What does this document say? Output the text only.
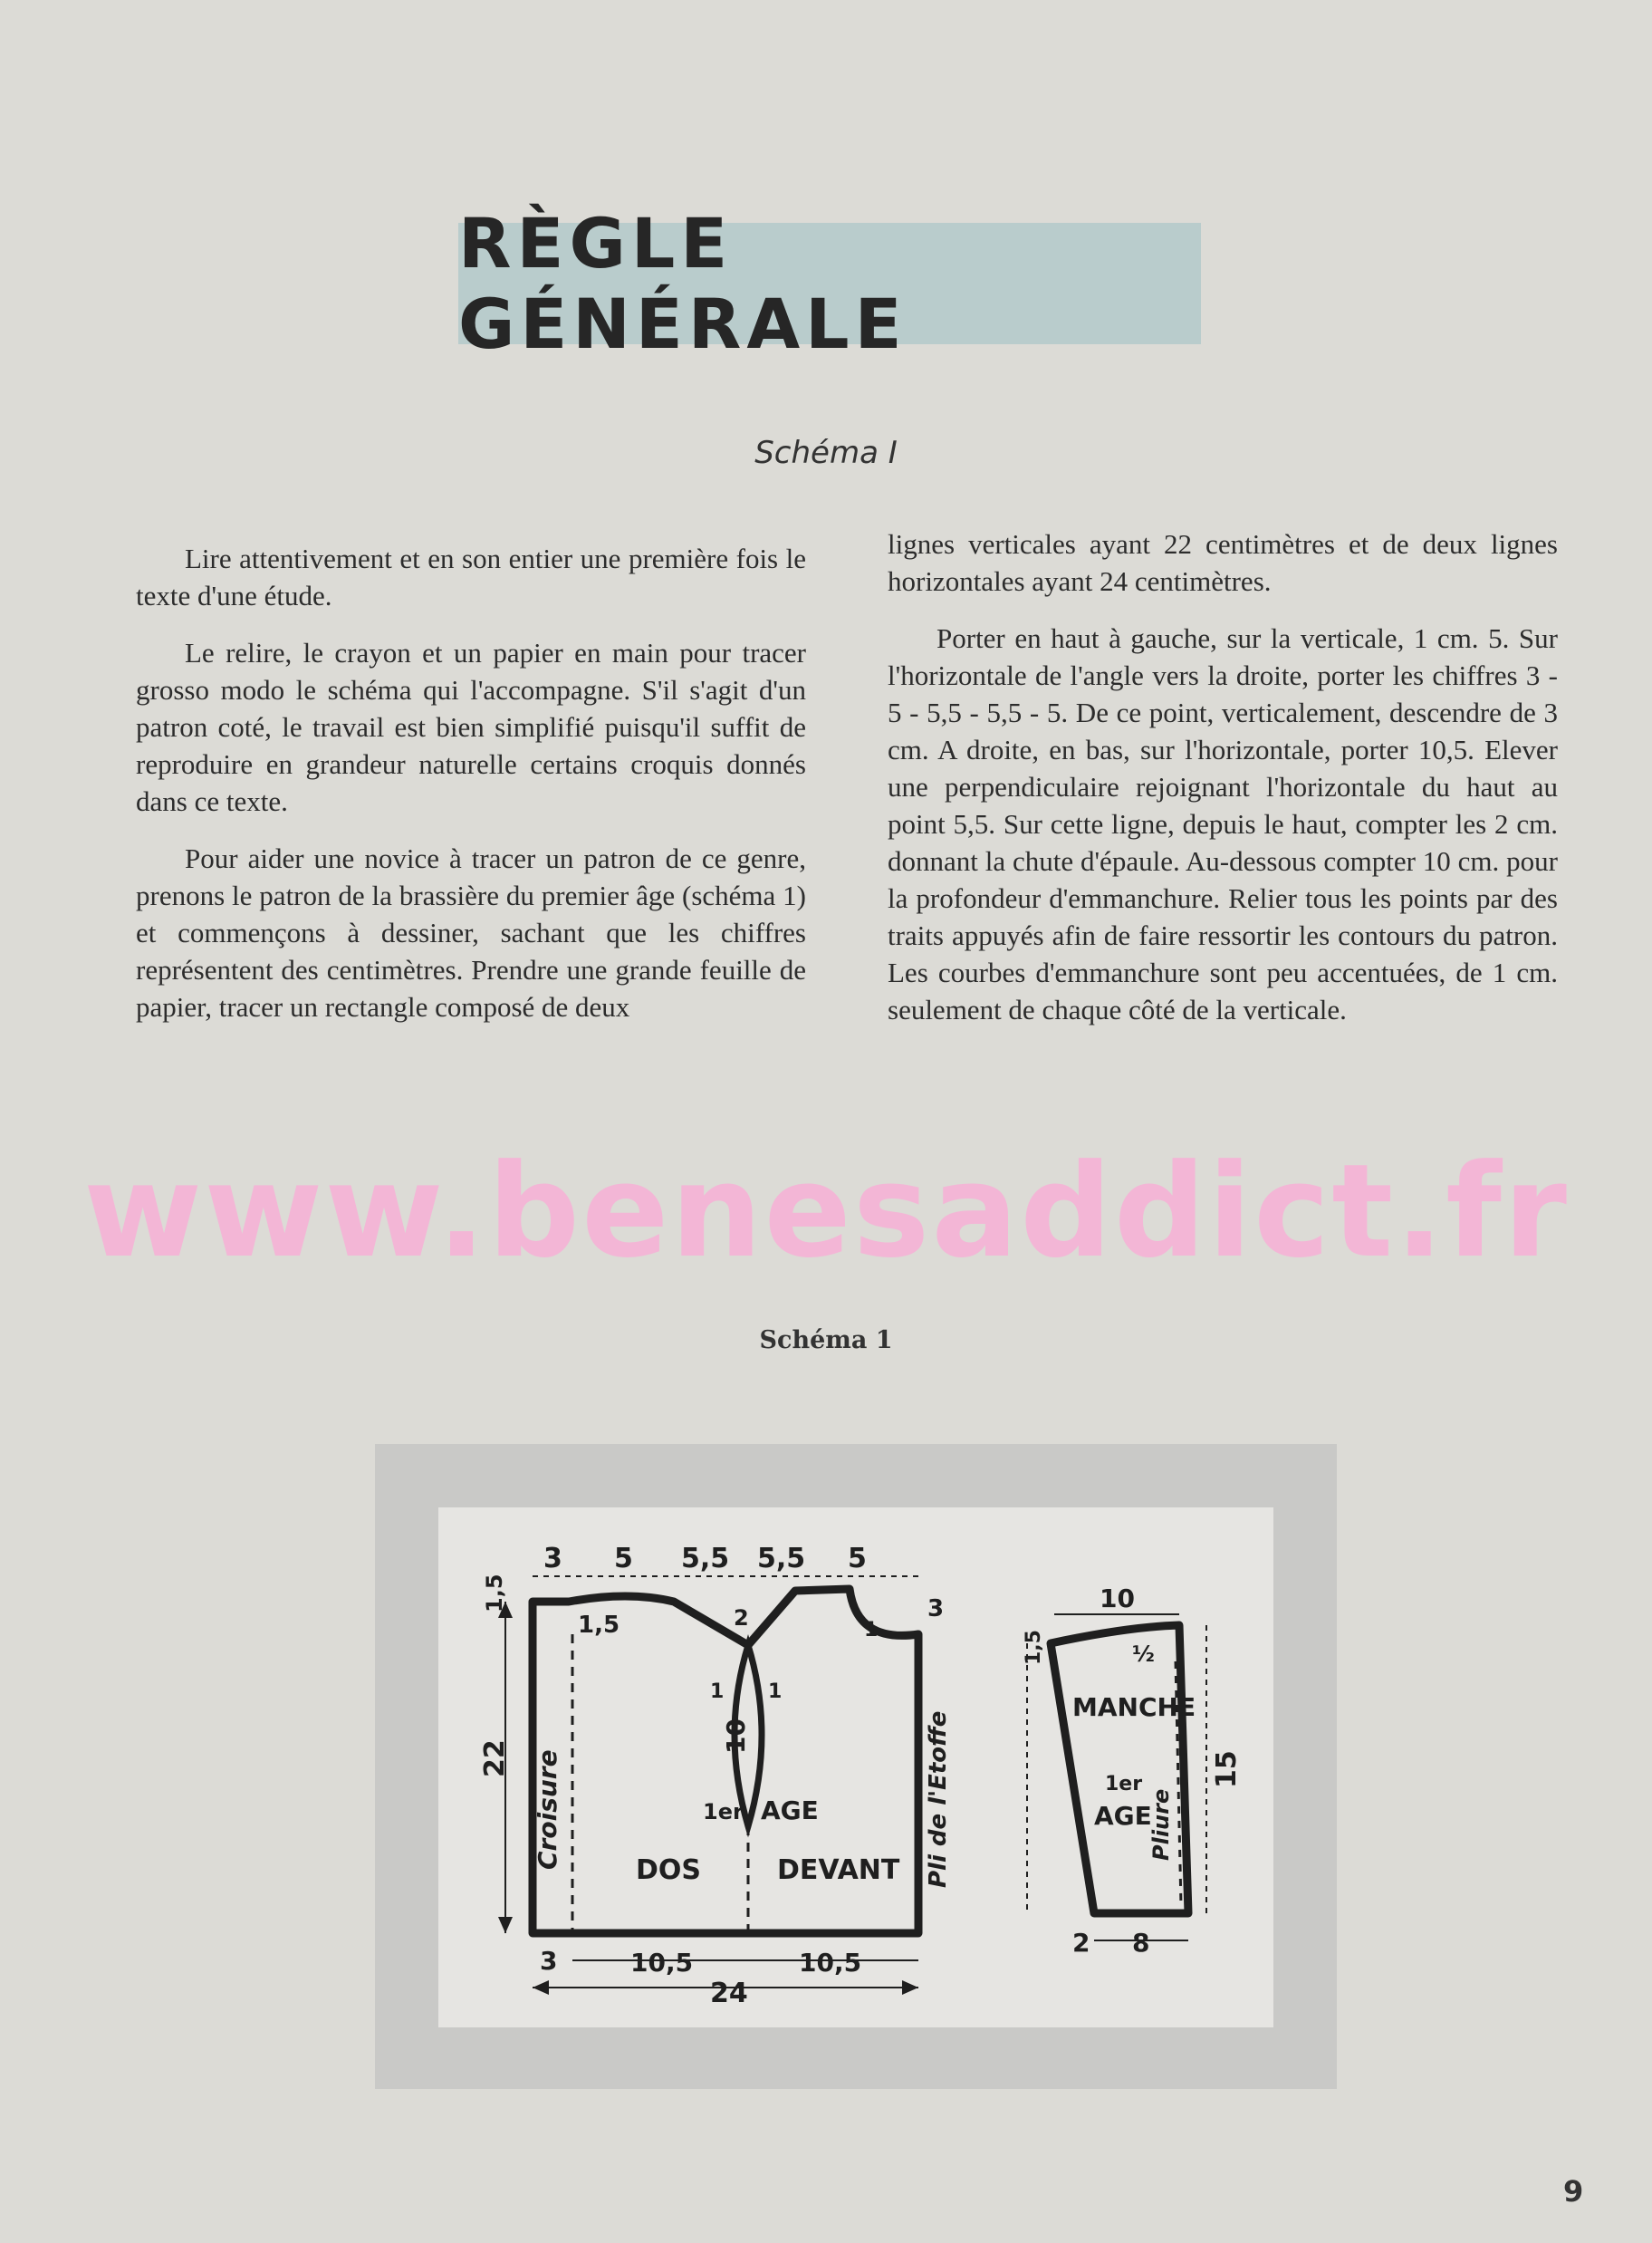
RÈGLE GÉNÉRALE
Schéma I

Lire attentivement et en son entier une première fois le texte d'une étude.

Le relire, le crayon et un papier en main pour tracer grosso modo le schéma qui l'accompagne. S'il s'agit d'un patron coté, le travail est bien simplifié puisqu'il suffit de reproduire en grandeur naturelle certains croquis donnés dans ce texte.

Pour aider une novice à tracer un patron de ce genre, prenons le patron de la brassière du premier âge (schéma 1) et commençons à dessiner, sachant que les chiffres représentent des centimètres. Prendre une grande feuille de papier, tracer un rectangle composé de deux

lignes verticales ayant 22 centimètres et de deux lignes horizontales ayant 24 centimètres.

Porter en haut à gauche, sur la verticale, 1 cm. 5. Sur l'horizontale de l'angle vers la droite, porter les chiffres 3 - 5 - 5,5 - 5,5 - 5. De ce point, verticalement, descendre de 3 cm. A droite, en bas, sur l'horizontale, porter 10,5. Elever une perpendiculaire rejoignant l'horizontale du haut au point 5,5. Sur cette ligne, depuis le haut, compter les 2 cm. donnant la chute d'épaule. Au-dessous compter 10 cm. pour la profondeur d'emmanchure. Relier tous les points par des traits appuyés afin de faire ressortir les contours du patron. Les courbes d'emmanchure sont peu accentuées, de 1 cm. seulement de chaque côté de la verticale.

www.benesaddict.fr
Schéma 1
3 5 5,5 5,5 5
1,5
1,5
3
2
10
1 1
1
22 Croisure	Pli de l'Etoffe
1er AGE
DOS	DEVANT
3	10,5	10,5
24
10
1,5	½
MANCHE
1er
AGE
Pliure
15
2 8
9
